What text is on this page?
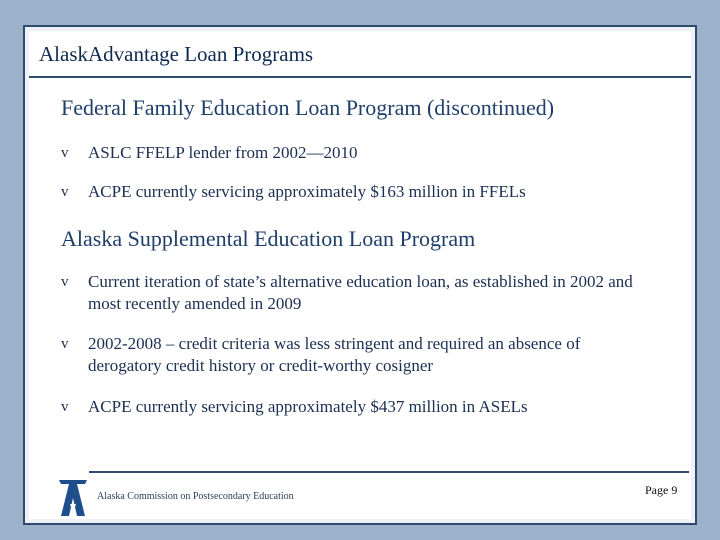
AlaskAdvantage Loan Programs
Federal Family Education Loan Program (discontinued)
v	ASLC FFELP lender from 2002—2010
v	ACPE currently servicing approximately $163 million in FFELs
Alaska Supplemental Education Loan Program
v	Current iteration of state’s alternative education loan, as established in 2002 and most recently amended in 2009
v	2002-2008 – credit criteria was less stringent and required an absence of derogatory credit history or credit-worthy cosigner
v	ACPE currently servicing approximately $437 million in ASELs
Alaska Commission on Postsecondary Education	Page 9
